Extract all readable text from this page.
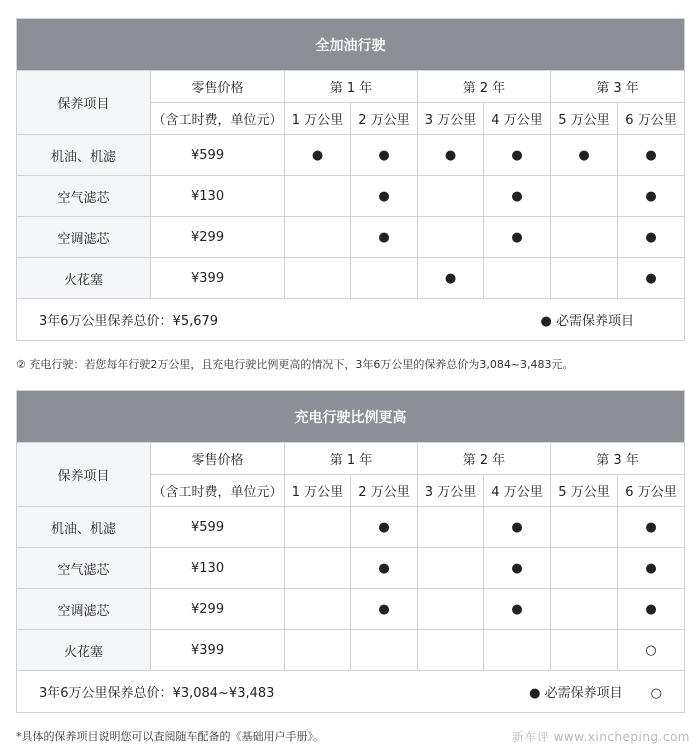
全加油行驶							
保养项目	零售价格	第 1 年		第 2 年		第 3 年	
	（含工时费，单位元）	1 万公里	2 万公里	3 万公里	4 万公里	5 万公里	6 万公里
机油、机滤	¥599	●	●	●	●	●	●
空气滤芯	¥130		●		●		●
空调滤芯	¥299		●		●		●
火花塞	¥399			●			●
3年6万公里保养总价：¥5,679 ● 必需保养项目							
② 充电行驶：若您每年行驶2万公里，且充电行驶比例更高的情况下，3年6万公里的保养总价为3,084~3,483元。
充电行驶比例更高							
保养项目	零售价格	第 1 年		第 2 年		第 3 年	
	（含工时费，单位元）	1 万公里	2 万公里	3 万公里	4 万公里	5 万公里	6 万公里
机油、机滤	¥599		●		●		●
空气滤芯	¥130		●		●		●
空调滤芯	¥299		●		●		●
火花塞	¥399						○
3年6万公里保养总价：¥3,084~¥3,483 ● 必需保养项目 ○							
*具体的保养项目说明您可以查阅随车配备的《基础用户手册》。	新车评 www.xincheping.com
